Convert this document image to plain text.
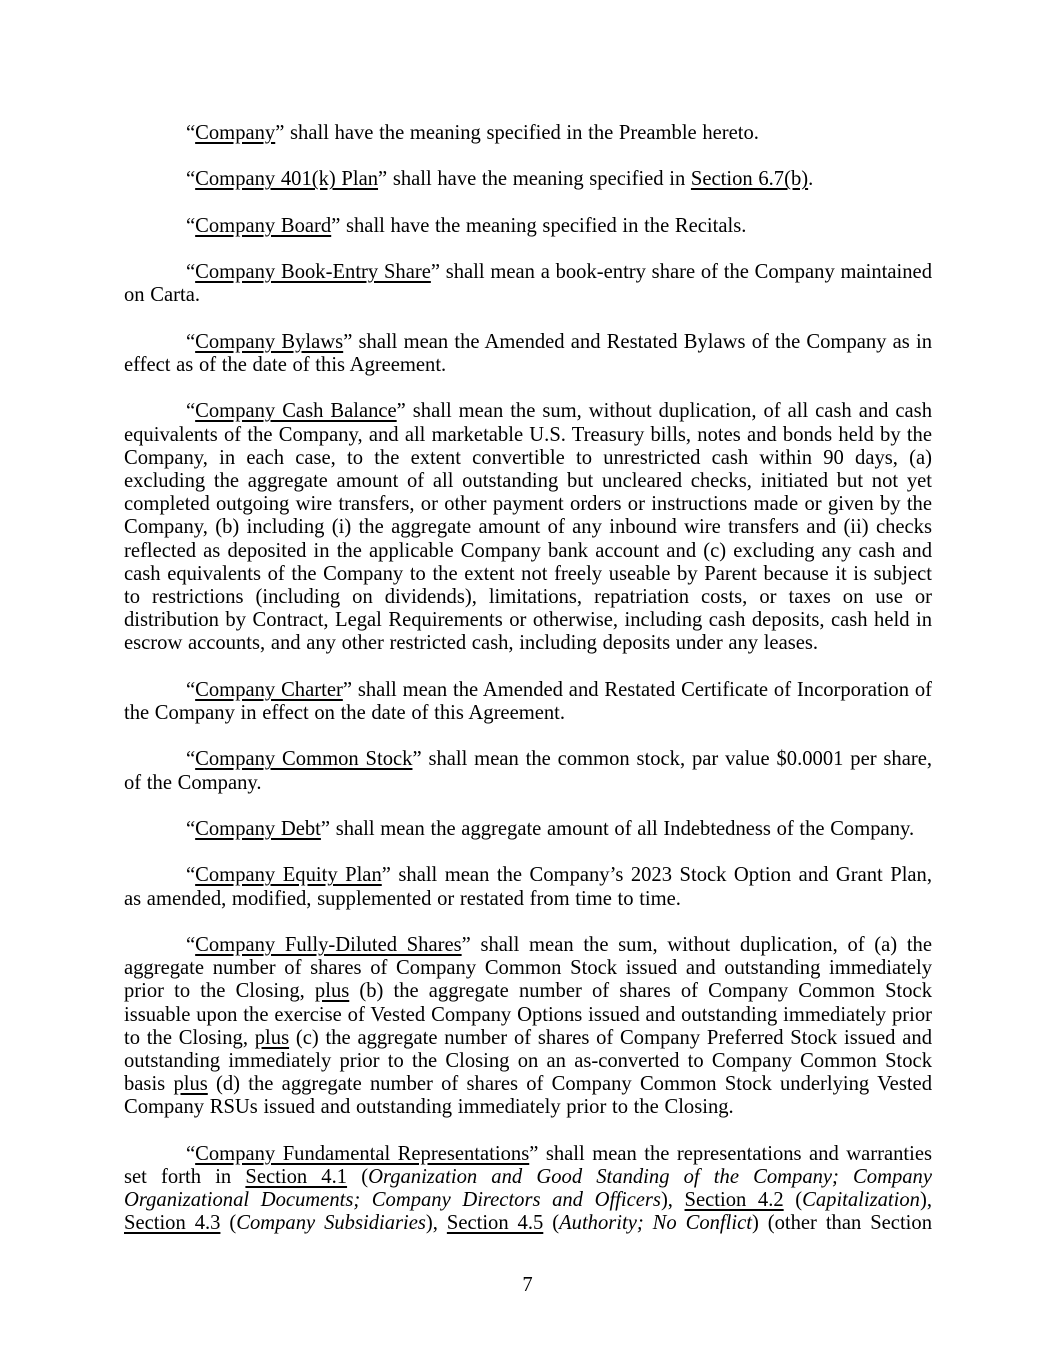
“Company” shall have the meaning specified in the Preamble hereto.

“Company 401(k) Plan” shall have the meaning specified in Section 6.7(b).

“Company Board” shall have the meaning specified in the Recitals.

“Company Book-Entry Share” shall mean a book-entry share of the Company maintained on Carta.

“Company Bylaws” shall mean the Amended and Restated Bylaws of the Company as in effect as of the date of this Agreement.

“Company Cash Balance” shall mean the sum, without duplication, of all cash and cash equivalents of the Company, and all marketable U.S. Treasury bills, notes and bonds held by the Company, in each case, to the extent convertible to unrestricted cash within 90 days, (a) excluding the aggregate amount of all outstanding but uncleared checks, initiated but not yet completed outgoing wire transfers, or other payment orders or instructions made or given by the Company, (b) including (i) the aggregate amount of any inbound wire transfers and (ii) checks reflected as deposited in the applicable Company bank account and (c) excluding any cash and cash equivalents of the Company to the extent not freely useable by Parent because it is subject to restrictions (including on dividends), limitations, repatriation costs, or taxes on use or distribution by Contract, Legal Requirements or otherwise, including cash deposits, cash held in escrow accounts, and any other restricted cash, including deposits under any leases.

“Company Charter” shall mean the Amended and Restated Certificate of Incorporation of the Company in effect on the date of this Agreement.

“Company Common Stock” shall mean the common stock, par value $0.0001 per share, of the Company.

“Company Debt” shall mean the aggregate amount of all Indebtedness of the Company.

“Company Equity Plan” shall mean the Company’s 2023 Stock Option and Grant Plan, as amended, modified, supplemented or restated from time to time.

“Company Fully-Diluted Shares” shall mean the sum, without duplication, of (a) the aggregate number of shares of Company Common Stock issued and outstanding immediately prior to the Closing, plus (b) the aggregate number of shares of Company Common Stock issuable upon the exercise of Vested Company Options issued and outstanding immediately prior to the Closing, plus (c) the aggregate number of shares of Company Preferred Stock issued and outstanding immediately prior to the Closing on an as-converted to Company Common Stock basis plus (d) the aggregate number of shares of Company Common Stock underlying Vested Company RSUs issued and outstanding immediately prior to the Closing.

“Company Fundamental Representations” shall mean the representations and warranties set forth in Section 4.1 (Organization and Good Standing of the Company; Company Organizational Documents; Company Directors and Officers), Section 4.2 (Capitalization), Section 4.3 (Company Subsidiaries), Section 4.5 (Authority; No Conflict) (other than Section

7
